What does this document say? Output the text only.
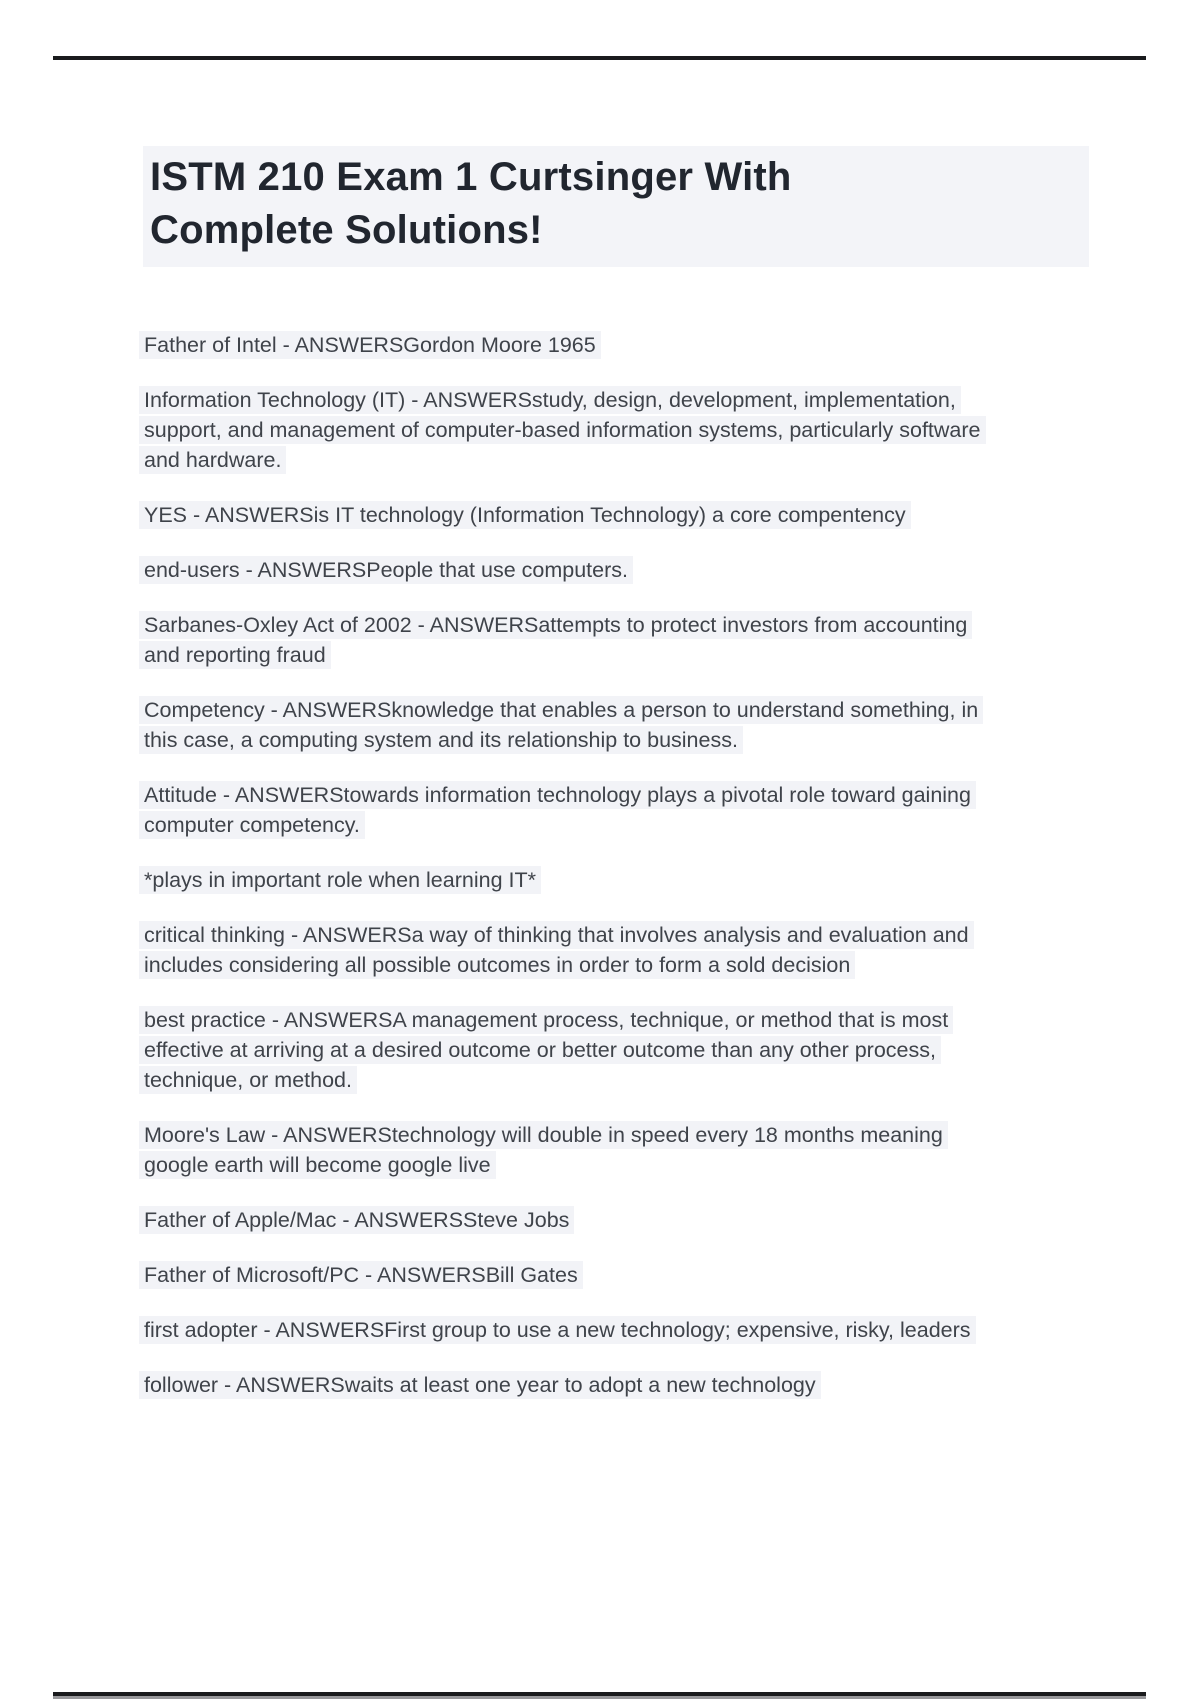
ISTM 210 Exam 1 Curtsinger With
Complete Solutions!

Father of Intel - ANSWERSGordon Moore 1965

Information Technology (IT) - ANSWERSstudy, design, development, implementation,
support, and management of computer-based information systems, particularly software
and hardware.

YES - ANSWERSis IT technology (Information Technology) a core compentency

end-users - ANSWERSPeople that use computers.

Sarbanes-Oxley Act of 2002 - ANSWERSattempts to protect investors from accounting
and reporting fraud

Competency - ANSWERSknowledge that enables a person to understand something, in
this case, a computing system and its relationship to business.

Attitude - ANSWERStowards information technology plays a pivotal role toward gaining
computer competency.

*plays in important role when learning IT*

critical thinking - ANSWERSa way of thinking that involves analysis and evaluation and
includes considering all possible outcomes in order to form a sold decision

best practice - ANSWERSA management process, technique, or method that is most
effective at arriving at a desired outcome or better outcome than any other process,
technique, or method.

Moore's Law - ANSWERStechnology will double in speed every 18 months meaning
google earth will become google live

Father of Apple/Mac - ANSWERSSteve Jobs

Father of Microsoft/PC - ANSWERSBill Gates

first adopter - ANSWERSFirst group to use a new technology; expensive, risky, leaders

follower - ANSWERSwaits at least one year to adopt a new technology
